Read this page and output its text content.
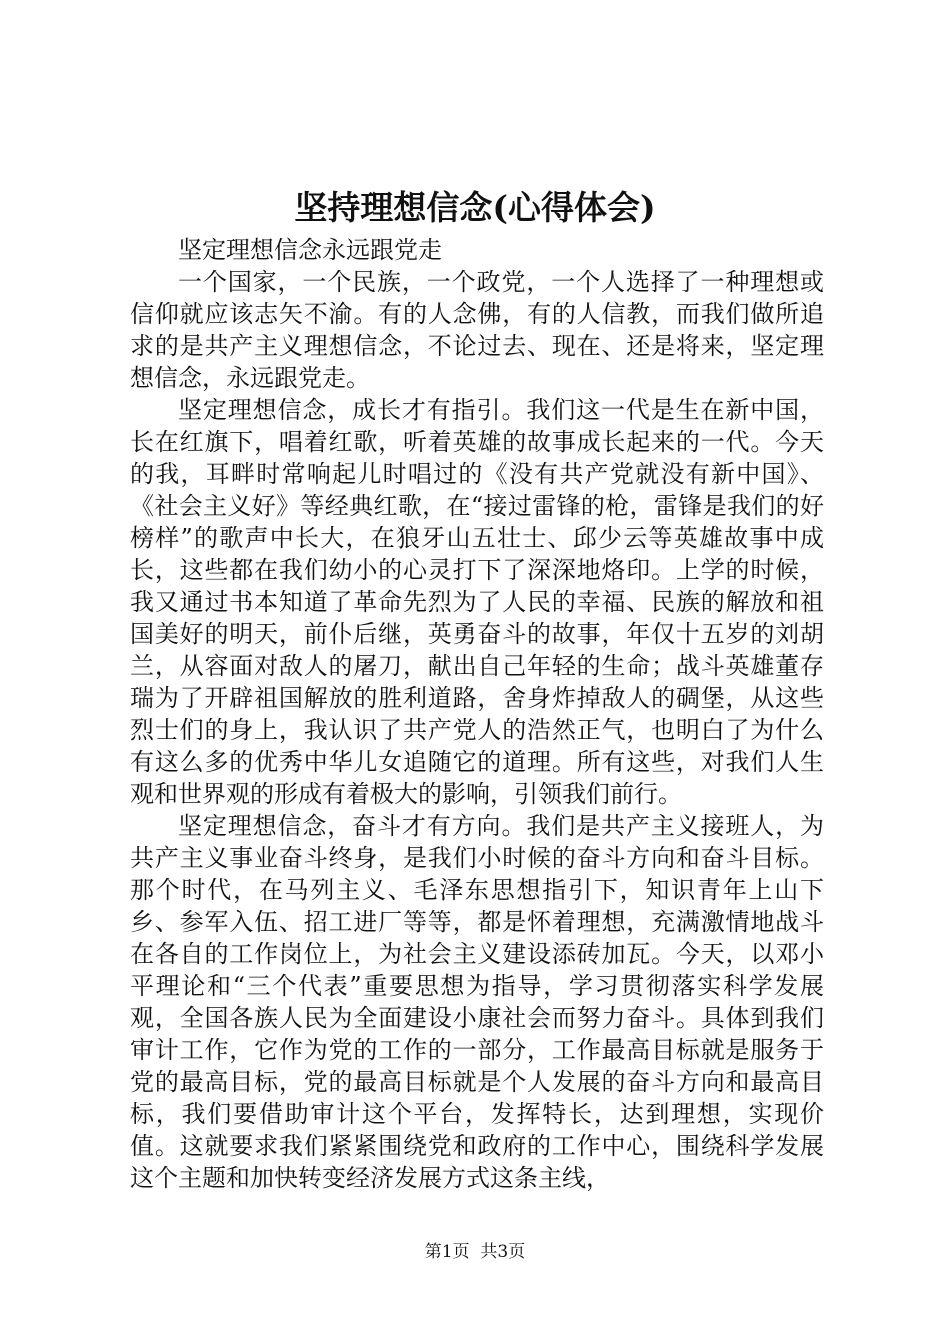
坚持理想信念(心得体会)

坚定理想信念永远跟党走

一个国家，一个民族，一个政党，一个人选择了一种理想或信仰就应该志矢不渝。有的人念佛，有的人信教，而我们做所追求的是共产主义理想信念，不论过去、现在、还是将来，坚定理想信念，永远跟党走。

坚定理想信念，成长才有指引。我们这一代是生在新中国，长在红旗下，唱着红歌，听着英雄的故事成长起来的一代。今天的我，耳畔时常响起儿时唱过的《没有共产党就没有新中国》、《社会主义好》等经典红歌，在“接过雷锋的枪，雷锋是我们的好榜样”的歌声中长大，在狼牙山五壮士、邱少云等英雄故事中成长，这些都在我们幼小的心灵打下了深深地烙印。上学的时候，我又通过书本知道了革命先烈为了人民的幸福、民族的解放和祖国美好的明天，前仆后继，英勇奋斗的故事，年仅十五岁的刘胡兰，从容面对敌人的屠刀，献出自己年轻的生命；战斗英雄董存瑞为了开辟祖国解放的胜利道路，舍身炸掉敌人的碉堡，从这些烈士们的身上，我认识了共产党人的浩然正气，也明白了为什么有这么多的优秀中华儿女追随它的道理。所有这些，对我们人生观和世界观的形成有着极大的影响，引领我们前行。

坚定理想信念，奋斗才有方向。我们是共产主义接班人，为共产主义事业奋斗终身，是我们小时候的奋斗方向和奋斗目标。那个时代，在马列主义、毛泽东思想指引下，知识青年上山下乡、参军入伍、招工进厂等等，都是怀着理想，充满激情地战斗在各自的工作岗位上，为社会主义建设添砖加瓦。今天，以邓小平理论和“三个代表”重要思想为指导，学习贯彻落实科学发展观，全国各族人民为全面建设小康社会而努力奋斗。具体到我们审计工作，它作为党的工作的一部分，工作最高目标就是服务于党的最高目标，党的最高目标就是个人发展的奋斗方向和最高目标，我们要借助审计这个平台，发挥特长，达到理想，实现价值。这就要求我们紧紧围绕党和政府的工作中心，围绕科学发展这个主题和加快转变经济发展方式这条主线，

第1页 共3页
